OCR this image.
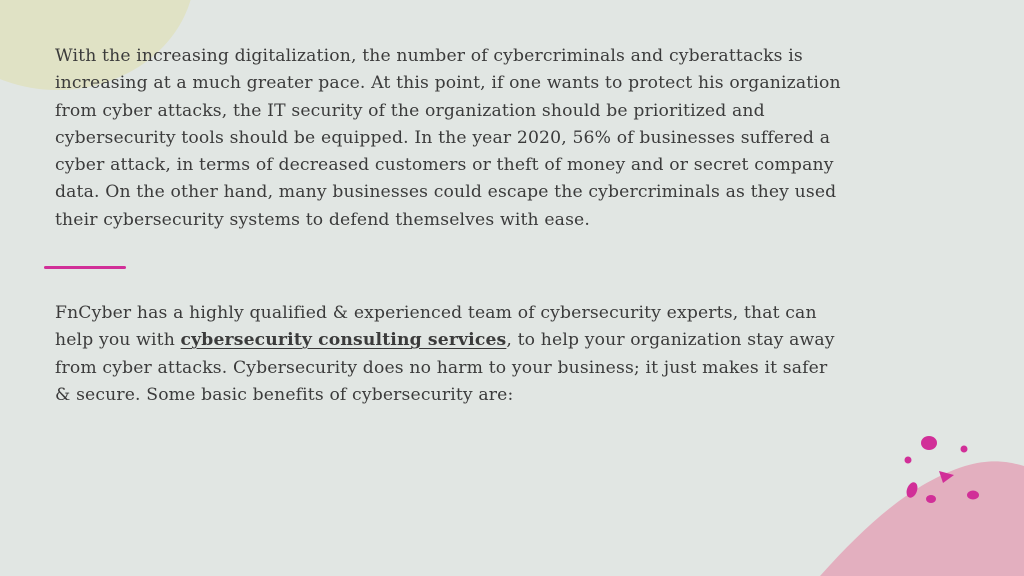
With the increasing digitalization, the number of cybercriminals and cyberattacks is increasing at a much greater pace. At this point, if one wants to protect his organization from cyber attacks, the IT security of the organization should be prioritized and cybersecurity tools should be equipped. In the year 2020, 56% of businesses suffered a cyber attack, in terms of decreased customers or theft of money and or secret company data. On the other hand, many businesses could escape the cybercriminals as they used their cybersecurity systems to defend themselves with ease.

FnCyber has a highly qualified & experienced team of cybersecurity experts, that can help you with cybersecurity consulting services, to help your organization stay away from cyber attacks. Cybersecurity does no harm to your business; it just makes it safer & secure. Some basic benefits of cybersecurity are:
